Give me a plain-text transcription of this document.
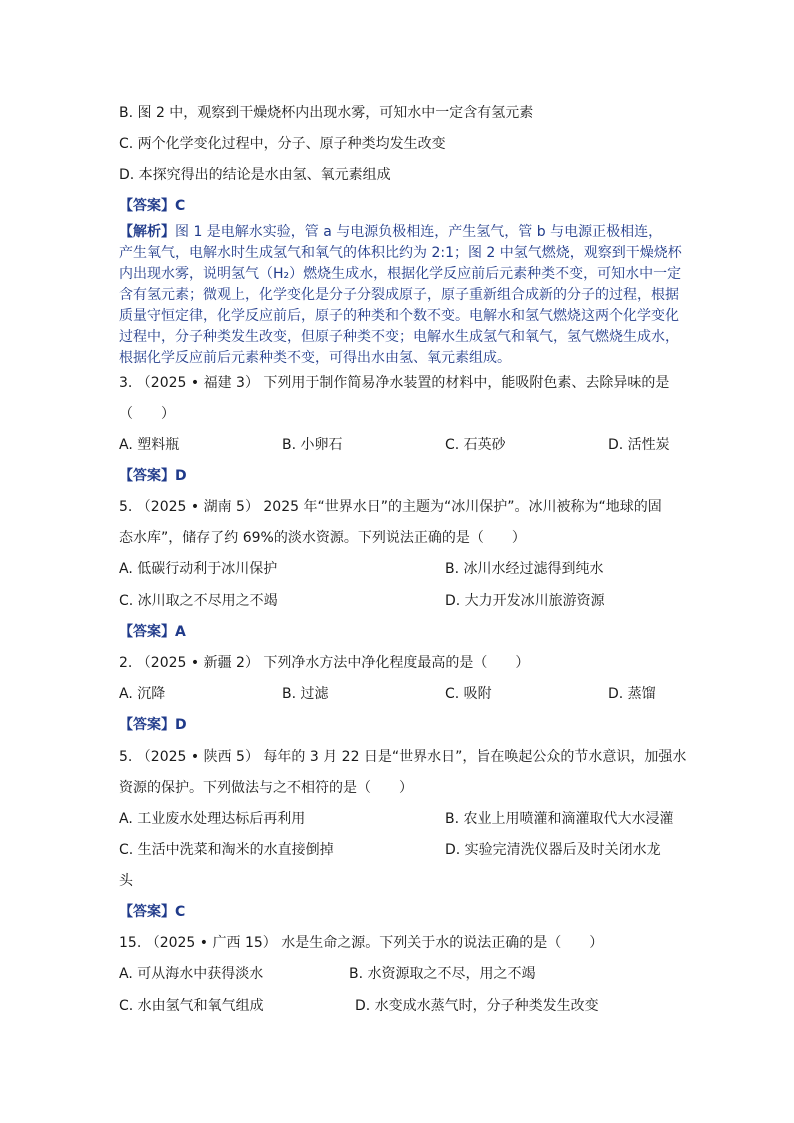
B. 图 2 中，观察到干燥烧杯内出现水雾，可知水中一定含有氢元素
C. 两个化学变化过程中，分子、原子种类均发生改变
D. 本探究得出的结论是水由氢、氧元素组成
【答案】C
【解析】图 1 是电解水实验，管 a 与电源负极相连，产生氢气，管 b 与电源正极相连，
产生氧气，电解水时生成氢气和氧气的体积比约为 2:1；图 2 中氢气燃烧，观察到干燥烧杯
内出现水雾，说明氢气（H₂）燃烧生成水，根据化学反应前后元素种类不变，可知水中一定
含有氢元素；微观上，化学变化是分子分裂成原子，原子重新组合成新的分子的过程，根据
质量守恒定律，化学反应前后，原子的种类和个数不变。电解水和氢气燃烧这两个化学变化
过程中，分子种类发生改变，但原子种类不变；电解水生成氢气和氧气，氢气燃烧生成水，
根据化学反应前后元素种类不变，可得出水由氢、氧元素组成。
3. （2025 • 福建 3） 下列用于制作简易净水装置的材料中，能吸附色素、去除异味的是
（　　）
A. 塑料瓶	B. 小卵石	C. 石英砂	D. 活性炭
【答案】D
5. （2025 • 湖南 5） 2025 年“世界水日”的主题为“冰川保护”。冰川被称为“地球的固
态水库”，储存了约 69%的淡水资源。下列说法正确的是（　　）
A. 低碳行动利于冰川保护	B. 冰川水经过滤得到纯水
C. 冰川取之不尽用之不竭	D. 大力开发冰川旅游资源
【答案】A
2. （2025 • 新疆 2） 下列净水方法中净化程度最高的是（　　）
A. 沉降	B. 过滤	C. 吸附	D. 蒸馏
【答案】D
5. （2025 • 陕西 5） 每年的 3 月 22 日是“世界水日”，旨在唤起公众的节水意识，加强水
资源的保护。下列做法与之不相符的是（　　）
A. 工业废水处理达标后再利用	B. 农业上用喷灌和滴灌取代大水浸灌
C. 生活中洗菜和淘米的水直接倒掉	D. 实验完清洗仪器后及时关闭水龙
头
【答案】C
15. （2025 • 广西 15） 水是生命之源。下列关于水的说法正确的是（　　）
A. 可从海水中获得淡水	B. 水资源取之不尽，用之不竭
C. 水由氢气和氧气组成	D. 水变成水蒸气时，分子种类发生改变
